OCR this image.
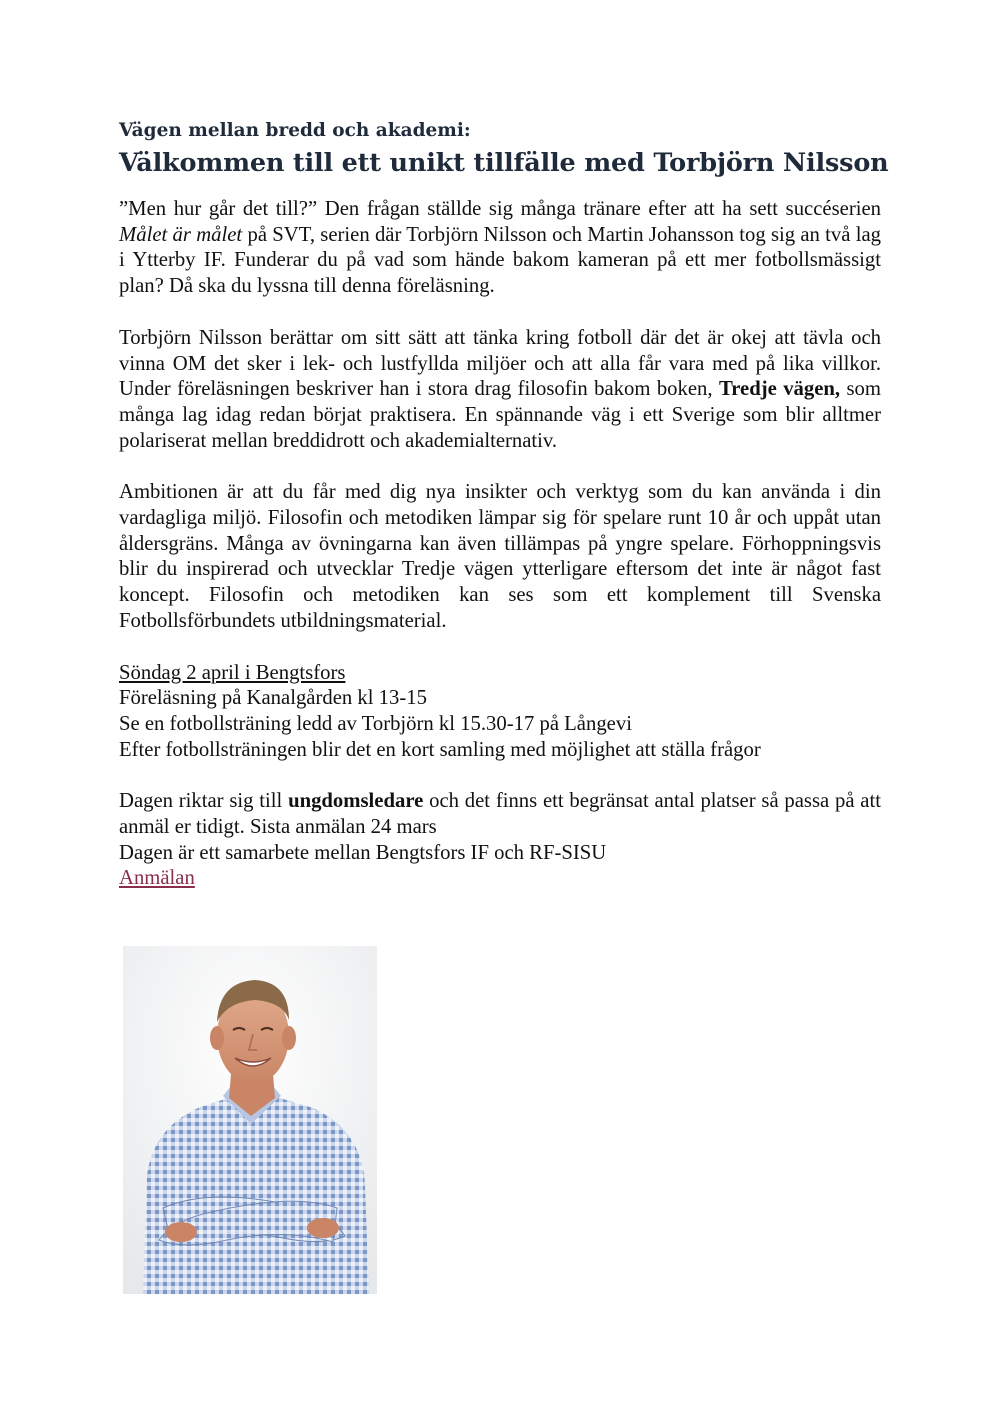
Vägen mellan bredd och akademi:

Välkommen till ett unikt tillfälle med Torbjörn Nilsson

”Men hur går det till?” Den frågan ställde sig många tränare efter att ha sett succéserien Målet är målet på SVT, serien där Torbjörn Nilsson och Martin Johansson tog sig an två lag i Ytterby IF. Funderar du på vad som hände bakom kameran på ett mer fotbollsmässigt plan? Då ska du lyssna till denna föreläsning.

Torbjörn Nilsson berättar om sitt sätt att tänka kring fotboll där det är okej att tävla och vinna OM det sker i lek- och lustfyllda miljöer och att alla får vara med på lika villkor. Under föreläsningen beskriver han i stora drag filosofin bakom boken, Tredje vägen, som många lag idag redan börjat praktisera. En spännande väg i ett Sverige som blir alltmer polariserat mellan breddidrott och akademialternativ.

Ambitionen är att du får med dig nya insikter och verktyg som du kan använda i din vardagliga miljö. Filosofin och metodiken lämpar sig för spelare runt 10 år och uppåt utan åldersgräns. Många av övningarna kan även tillämpas på yngre spelare. Förhoppningsvis blir du inspirerad och utvecklar Tredje vägen ytterligare eftersom det inte är något fast koncept. Filosofin och metodiken kan ses som ett komplement till Svenska Fotbollsförbundets utbildningsmaterial.

Söndag 2 april i Bengtsfors
Föreläsning på Kanalgården kl 13-15
Se en fotbollsträning ledd av Torbjörn kl 15.30-17 på Långevi
Efter fotbollsträningen blir det en kort samling med möjlighet att ställa frågor
Dagen riktar sig till ungdomsledare och det finns ett begränsat antal platser så passa på att anmäl er tidigt. Sista anmälan 24 mars
Dagen är ett samarbete mellan Bengtsfors IF och RF-SISU
Anmälan
